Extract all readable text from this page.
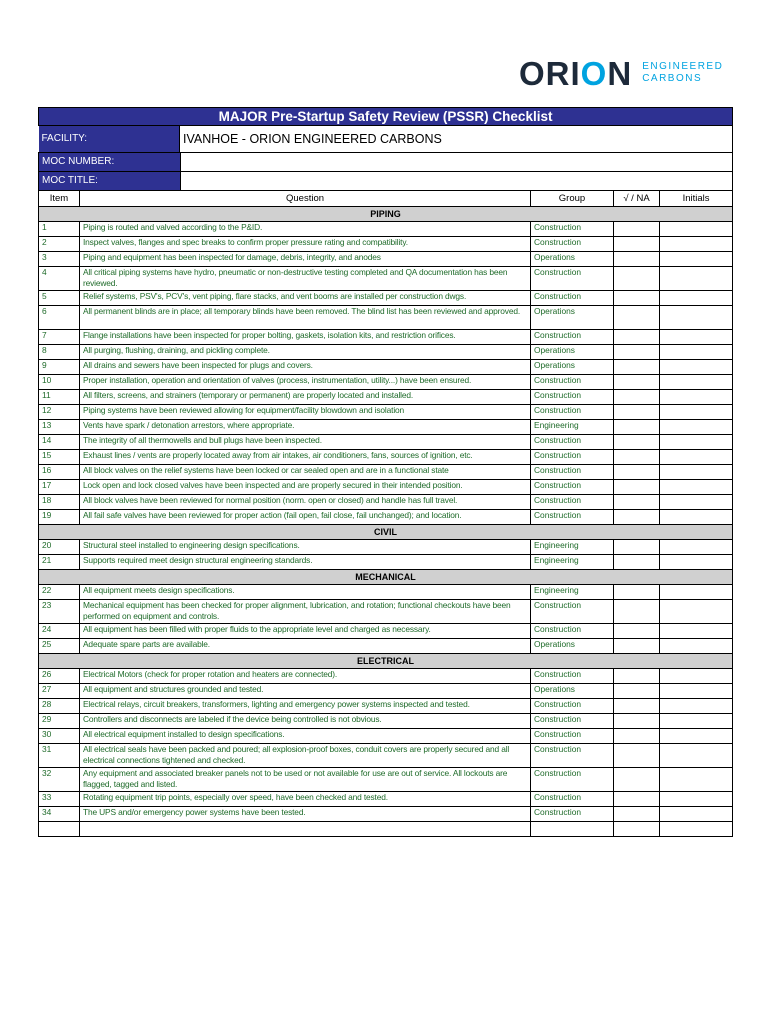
ORION ENGINEERED
CARBONS
MAJOR Pre-Startup Safety Review (PSSR) Checklist

FACILITY:	IVANHOE - ORION ENGINEERED CARBONS

MOC NUMBER:	

MOC TITLE:	

Item	Question	Group	√ / NA	Initials
PIPING
1	Piping is routed and valved according to the P&ID.	Construction		
2	Inspect valves, flanges and spec breaks to confirm proper pressure rating and compatibility.	Construction		
3	Piping and equipment has been inspected for damage, debris, integrity, and anodes	Operations		
4	All critical piping systems have hydro, pneumatic or non-destructive testing completed and QA documentation has been reviewed.	Construction		
5	Relief systems, PSV's, PCV's, vent piping, flare stacks, and vent booms are installed per construction dwgs.	Construction		
6	All permanent blinds are in place; all temporary blinds have been removed. The blind list has been reviewed and approved.	Operations		
7	Flange installations have been inspected for proper bolting, gaskets, isolation kits, and restriction orifices.	Construction		
8	All purging, flushing, draining, and pickling complete.	Operations		
9	All drains and sewers have been inspected for plugs and covers.	Operations		
10	Proper installation, operation and orientation of valves (process, instrumentation, utility...) have been ensured.	Construction		
11	All filters, screens, and strainers (temporary or permanent) are properly located and installed.	Construction		
12	Piping systems have been reviewed allowing for equipment/facility blowdown and isolation	Construction		
13	Vents have spark / detonation arrestors, where appropriate.	Engineering		
14	The integrity of all thermowells and bull plugs have been inspected.	Construction		
15	Exhaust lines / vents are properly located away from air intakes, air conditioners, fans, sources of ignition, etc.	Construction		
16	All block valves on the relief systems have been locked or car sealed open and are in a functional state	Construction		
17	Lock open and lock closed valves have been inspected and are properly secured in their intended position.	Construction		
18	All block valves have been reviewed for normal position (norm. open or closed) and handle has full travel.	Construction		
19	All fail safe valves have been reviewed for proper action (fail open, fail close, fail unchanged); and location.	Construction		
CIVIL
20	Structural steel installed to engineering design specifications.	Engineering		
21	Supports required meet design structural engineering standards.	Engineering		
MECHANICAL
22	All equipment meets design specifications.	Engineering		
23	Mechanical equipment has been checked for proper alignment, lubrication, and rotation; functional checkouts have been performed on equipment and controls.	Construction		
24	All equipment has been filled with proper fluids to the appropriate level and charged as necessary.	Construction		
25	Adequate spare parts are available.	Operations		
ELECTRICAL
26	Electrical Motors (check for proper rotation and heaters are connected).	Construction		
27	All equipment and structures grounded and tested.	Operations		
28	Electrical relays, circuit breakers, transformers, lighting and emergency power systems inspected and tested.	Construction		
29	Controllers and disconnects are labeled if the device being controlled is not obvious.	Construction		
30	All electrical equipment installed to design specifications.	Construction		
31	All electrical seals have been packed and poured; all explosion-proof boxes, conduit covers are properly secured and all electrical connections tightened and checked.	Construction		
32	Any equipment and associated breaker panels not to be used or not available for use are out of service. All lockouts are flagged, tagged and listed.	Construction		
33	Rotating equipment trip points, especially over speed, have been checked and tested.	Construction		
34	The UPS and/or emergency power systems have been tested.	Construction		
